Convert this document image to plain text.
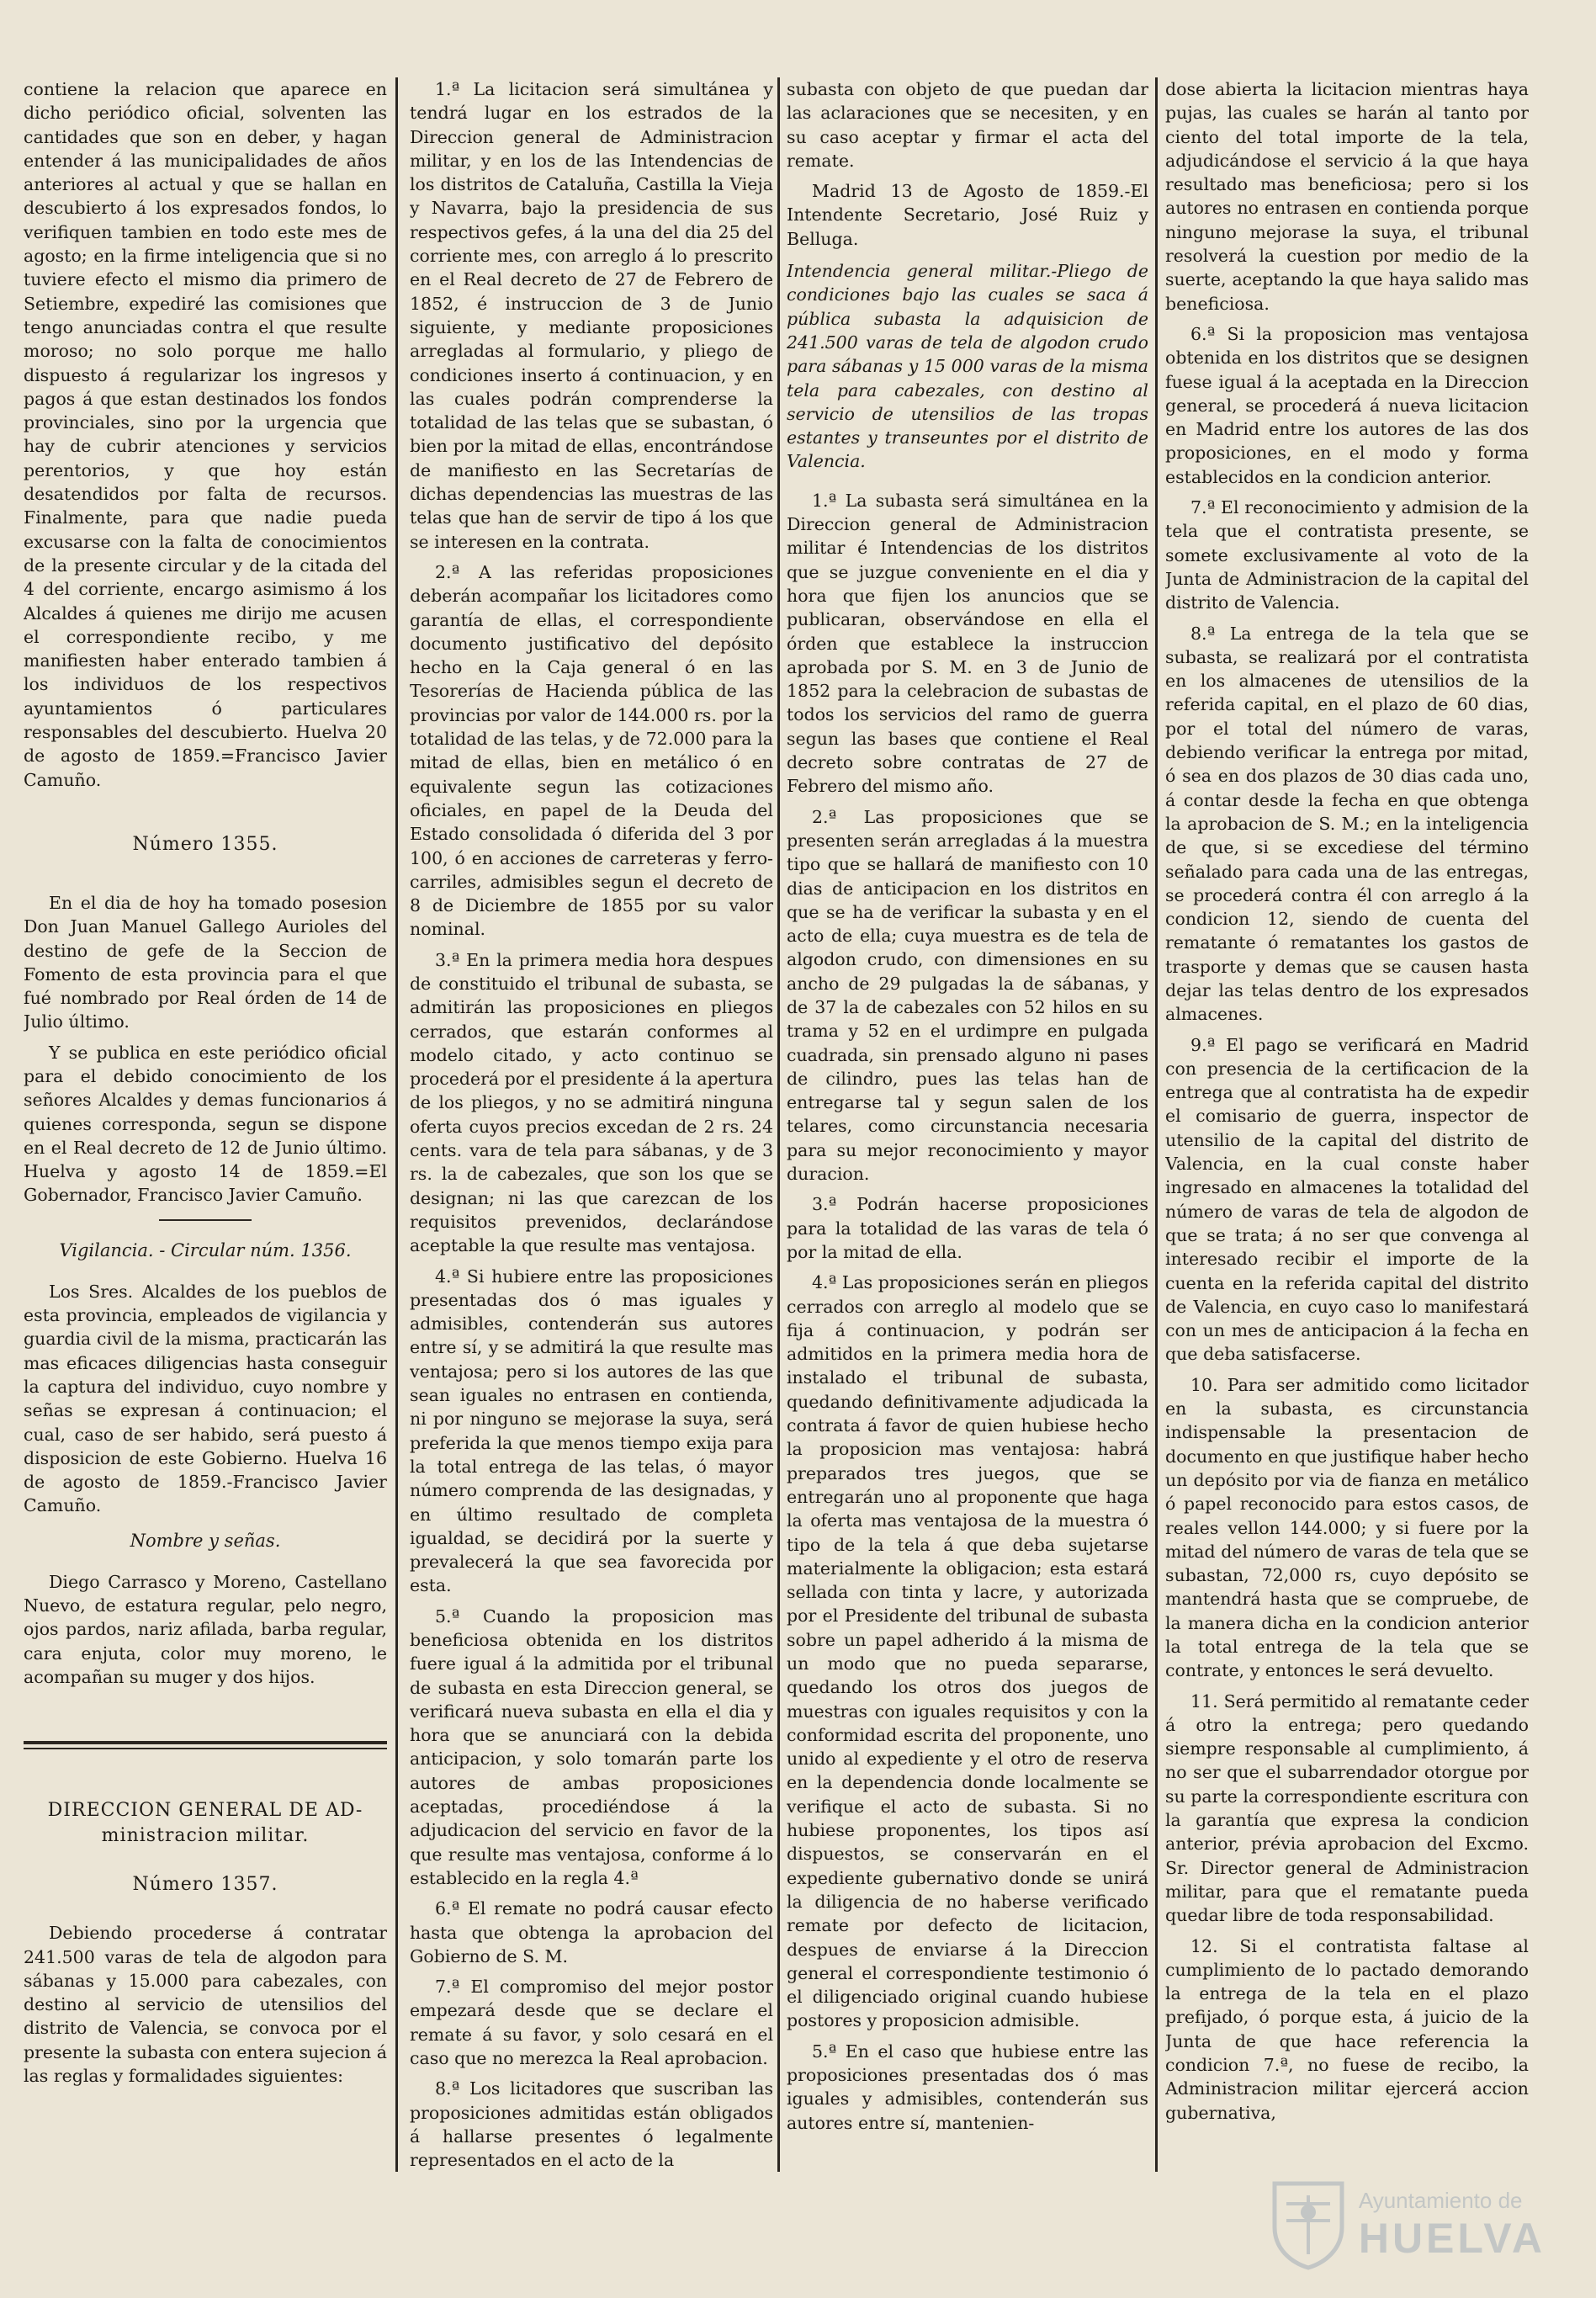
contiene la relacion que aparece en dicho periódico oficial, solventen las cantidades que son en deber, y hagan entender á las municipalidades de años anteriores al actual y que se hallan en descubierto á los expresados fondos, lo verifiquen tambien en todo este mes de agosto; en la firme inteligencia que si no tuviere efecto el mismo dia primero de Setiembre, expediré las comisiones que tengo anunciadas contra el que resulte moroso; no solo porque me hallo dispuesto á regularizar los ingresos y pagos á que estan destinados los fondos provinciales, sino por la urgencia que hay de cubrir atenciones y servicios perentorios, y que hoy están desatendidos por falta de recursos. Finalmente, para que nadie pueda excusarse con la falta de conocimientos de la presente circular y de la citada del 4 del corriente, encargo asimismo á los Alcaldes á quienes me dirijo me acusen el correspondiente recibo, y me manifiesten haber enterado tambien á los individuos de los respectivos ayuntamientos ó particulares responsables del descubierto. Huelva 20 de agosto de 1859.=Francisco Javier Camuño.

Número 1355.

En el dia de hoy ha tomado posesion Don Juan Manuel Gallego Aurioles del destino de gefe de la Seccion de Fomento de esta provincia para el que fué nombrado por Real órden de 14 de Julio último.

Y se publica en este periódico oficial para el debido conocimiento de los señores Alcaldes y demas funcionarios á quienes corresponda, segun se dispone en el Real decreto de 12 de Junio último. Huelva y agosto 14 de 1859.=El Gobernador, Francisco Javier Camuño.

Vigilancia. - Circular núm. 1356.

Los Sres. Alcaldes de los pueblos de esta provincia, empleados de vigilancia y guardia civil de la misma, practicarán las mas eficaces diligencias hasta conseguir la captura del individuo, cuyo nombre y señas se expresan á continuacion; el cual, caso de ser habido, será puesto á disposicion de este Gobierno. Huelva 16 de agosto de 1859.-Francisco Javier Camuño.

Nombre y señas.

Diego Carrasco y Moreno, Castellano Nuevo, de estatura regular, pelo negro, ojos pardos, nariz afilada, barba regular, cara enjuta, color muy moreno, le acompañan su muger y dos hijos.

DIRECCION GENERAL DE AD-
ministracion militar.
Número 1357.

Debiendo procederse á contratar 241.500 varas de tela de algodon para sábanas y 15.000 para cabezales, con destino al servicio de utensilios del distrito de Valencia, se convoca por el presente la subasta con entera sujecion á las reglas y formalidades siguientes:

1.ª La licitacion será simultánea y tendrá lugar en los estrados de la Direccion general de Administracion militar, y en los de las Intendencias de los distritos de Cataluña, Castilla la Vieja y Navarra, bajo la presidencia de sus respectivos gefes, á la una del dia 25 del corriente mes, con arreglo á lo prescrito en el Real decreto de 27 de Febrero de 1852, é instruccion de 3 de Junio siguiente, y mediante proposiciones arregladas al formulario, y pliego de condiciones inserto á continuacion, y en las cuales podrán comprenderse la totalidad de las telas que se subastan, ó bien por la mitad de ellas, encontrándose de manifiesto en las Secretarías de dichas dependencias las muestras de las telas que han de servir de tipo á los que se interesen en la contrata.

2.ª A las referidas proposiciones deberán acompañar los licitadores como garantía de ellas, el correspondiente documento justificativo del depósito hecho en la Caja general ó en las Tesorerías de Hacienda pública de las provincias por valor de 144.000 rs. por la totalidad de las telas, y de 72.000 para la mitad de ellas, bien en metálico ó en equivalente segun las cotizaciones oficiales, en papel de la Deuda del Estado consolidada ó diferida del 3 por 100, ó en acciones de carreteras y ferro-carriles, admisibles segun el decreto de 8 de Diciembre de 1855 por su valor nominal.

3.ª En la primera media hora despues de constituido el tribunal de subasta, se admitirán las proposiciones en pliegos cerrados, que estarán conformes al modelo citado, y acto continuo se procederá por el presidente á la apertura de los pliegos, y no se admitirá ninguna oferta cuyos precios excedan de 2 rs. 24 cents. vara de tela para sábanas, y de 3 rs. la de cabezales, que son los que se designan; ni las que carezcan de los requisitos prevenidos, declarándose aceptable la que resulte mas ventajosa.

4.ª Si hubiere entre las proposiciones presentadas dos ó mas iguales y admisibles, contenderán sus autores entre sí, y se admitirá la que resulte mas ventajosa; pero si los autores de las que sean iguales no entrasen en contienda, ni por ninguno se mejorase la suya, será preferida la que menos tiempo exija para la total entrega de las telas, ó mayor número comprenda de las designadas, y en último resultado de completa igualdad, se decidirá por la suerte y prevalecerá la que sea favorecida por esta.

5.ª Cuando la proposicion mas beneficiosa obtenida en los distritos fuere igual á la admitida por el tribunal de subasta en esta Direccion general, se verificará nueva subasta en ella el dia y hora que se anunciará con la debida anticipacion, y solo tomarán parte los autores de ambas proposiciones aceptadas, procediéndose á la adjudicacion del servicio en favor de la que resulte mas ventajosa, conforme á lo establecido en la regla 4.ª

6.ª El remate no podrá causar efecto hasta que obtenga la aprobacion del Gobierno de S. M.

7.ª El compromiso del mejor postor empezará desde que se declare el remate á su favor, y solo cesará en el caso que no merezca la Real aprobacion.

8.ª Los licitadores que suscriban las proposiciones admitidas están obligados á hallarse presentes ó legalmente representados en el acto de la

subasta con objeto de que puedan dar las aclaraciones que se necesiten, y en su caso aceptar y firmar el acta del remate.

Madrid 13 de Agosto de 1859.-El Intendente Secretario, José Ruiz y Belluga.

Intendencia general militar.-Pliego de condiciones bajo las cuales se saca á pública subasta la adquisicion de 241.500 varas de tela de algodon crudo para sábanas y 15 000 varas de la misma tela para cabezales, con destino al servicio de utensilios de las tropas estantes y transeuntes por el distrito de Valencia.

1.ª La subasta será simultánea en la Direccion general de Administracion militar é Intendencias de los distritos que se juzgue conveniente en el dia y hora que fijen los anuncios que se publicaran, observándose en ella el órden que establece la instruccion aprobada por S. M. en 3 de Junio de 1852 para la celebracion de subastas de todos los servicios del ramo de guerra segun las bases que contiene el Real decreto sobre contratas de 27 de Febrero del mismo año.

2.ª Las proposiciones que se presenten serán arregladas á la muestra tipo que se hallará de manifiesto con 10 dias de anticipacion en los distritos en que se ha de verificar la subasta y en el acto de ella; cuya muestra es de tela de algodon crudo, con dimensiones en su ancho de 29 pulgadas la de sábanas, y de 37 la de cabezales con 52 hilos en su trama y 52 en el urdimpre en pulgada cuadrada, sin prensado alguno ni pases de cilindro, pues las telas han de entregarse tal y segun salen de los telares, como circunstancia necesaria para su mejor reconocimiento y mayor duracion.

3.ª Podrán hacerse proposiciones para la totalidad de las varas de tela ó por la mitad de ella.

4.ª Las proposiciones serán en pliegos cerrados con arreglo al modelo que se fija á continuacion, y podrán ser admitidos en la primera media hora de instalado el tribunal de subasta, quedando definitivamente adjudicada la contrata á favor de quien hubiese hecho la proposicion mas ventajosa: habrá preparados tres juegos, que se entregarán uno al proponente que haga la oferta mas ventajosa de la muestra ó tipo de la tela á que deba sujetarse materialmente la obligacion; esta estará sellada con tinta y lacre, y autorizada por el Presidente del tribunal de subasta sobre un papel adherido á la misma de un modo que no pueda separarse, quedando los otros dos juegos de muestras con iguales requisitos y con la conformidad escrita del proponente, uno unido al expediente y el otro de reserva en la dependencia donde localmente se verifique el acto de subasta. Si no hubiese proponentes, los tipos así dispuestos, se conservarán en el expediente gubernativo donde se unirá la diligencia de no haberse verificado remate por defecto de licitacion, despues de enviarse á la Direccion general el correspondiente testimonio ó el diligenciado original cuando hubiese postores y proposicion admisible.

5.ª En el caso que hubiese entre las proposiciones presentadas dos ó mas iguales y admisibles, contenderán sus autores entre sí, mantenien-

dose abierta la licitacion mientras haya pujas, las cuales se harán al tanto por ciento del total importe de la tela, adjudicándose el servicio á la que haya resultado mas beneficiosa; pero si los autores no entrasen en contienda porque ninguno mejorase la suya, el tribunal resolverá la cuestion por medio de la suerte, aceptando la que haya salido mas beneficiosa.

6.ª Si la proposicion mas ventajosa obtenida en los distritos que se designen fuese igual á la aceptada en la Direccion general, se procederá á nueva licitacion en Madrid entre los autores de las dos proposiciones, en el modo y forma establecidos en la condicion anterior.

7.ª El reconocimiento y admision de la tela que el contratista presente, se somete exclusivamente al voto de la Junta de Administracion de la capital del distrito de Valencia.

8.ª La entrega de la tela que se subasta, se realizará por el contratista en los almacenes de utensilios de la referida capital, en el plazo de 60 dias, por el total del número de varas, debiendo verificar la entrega por mitad, ó sea en dos plazos de 30 dias cada uno, á contar desde la fecha en que obtenga la aprobacion de S. M.; en la inteligencia de que, si se excediese del término señalado para cada una de las entregas, se procederá contra él con arreglo á la condicion 12, siendo de cuenta del rematante ó rematantes los gastos de trasporte y demas que se causen hasta dejar las telas dentro de los expresados almacenes.

9.ª El pago se verificará en Madrid con presencia de la certificacion de la entrega que al contratista ha de expedir el comisario de guerra, inspector de utensilio de la capital del distrito de Valencia, en la cual conste haber ingresado en almacenes la totalidad del número de varas de tela de algodon de que se trata; á no ser que convenga al interesado recibir el importe de la cuenta en la referida capital del distrito de Valencia, en cuyo caso lo manifestará con un mes de anticipacion á la fecha en que deba satisfacerse.

10. Para ser admitido como licitador en la subasta, es circunstancia indispensable la presentacion de documento en que justifique haber hecho un depósito por via de fianza en metálico ó papel reconocido para estos casos, de reales vellon 144.000; y si fuere por la mitad del número de varas de tela que se subastan, 72,000 rs, cuyo depósito se mantendrá hasta que se compruebe, de la manera dicha en la condicion anterior la total entrega de la tela que se contrate, y entonces le será devuelto.

11. Será permitido al rematante ceder á otro la entrega; pero quedando siempre responsable al cumplimiento, á no ser que el subarrendador otorgue por su parte la correspondiente escritura con la garantía que expresa la condicion anterior, prévia aprobacion del Excmo. Sr. Director general de Administracion militar, para que el rematante pueda quedar libre de toda responsabilidad.

12. Si el contratista faltase al cumplimiento de lo pactado demorando la entrega de la tela en el plazo prefijado, ó porque esta, á juicio de la Junta de que hace referencia la condicion 7.ª, no fuese de recibo, la Administracion militar ejercerá accion gubernativa,

Ayuntamiento de
HUELVA
